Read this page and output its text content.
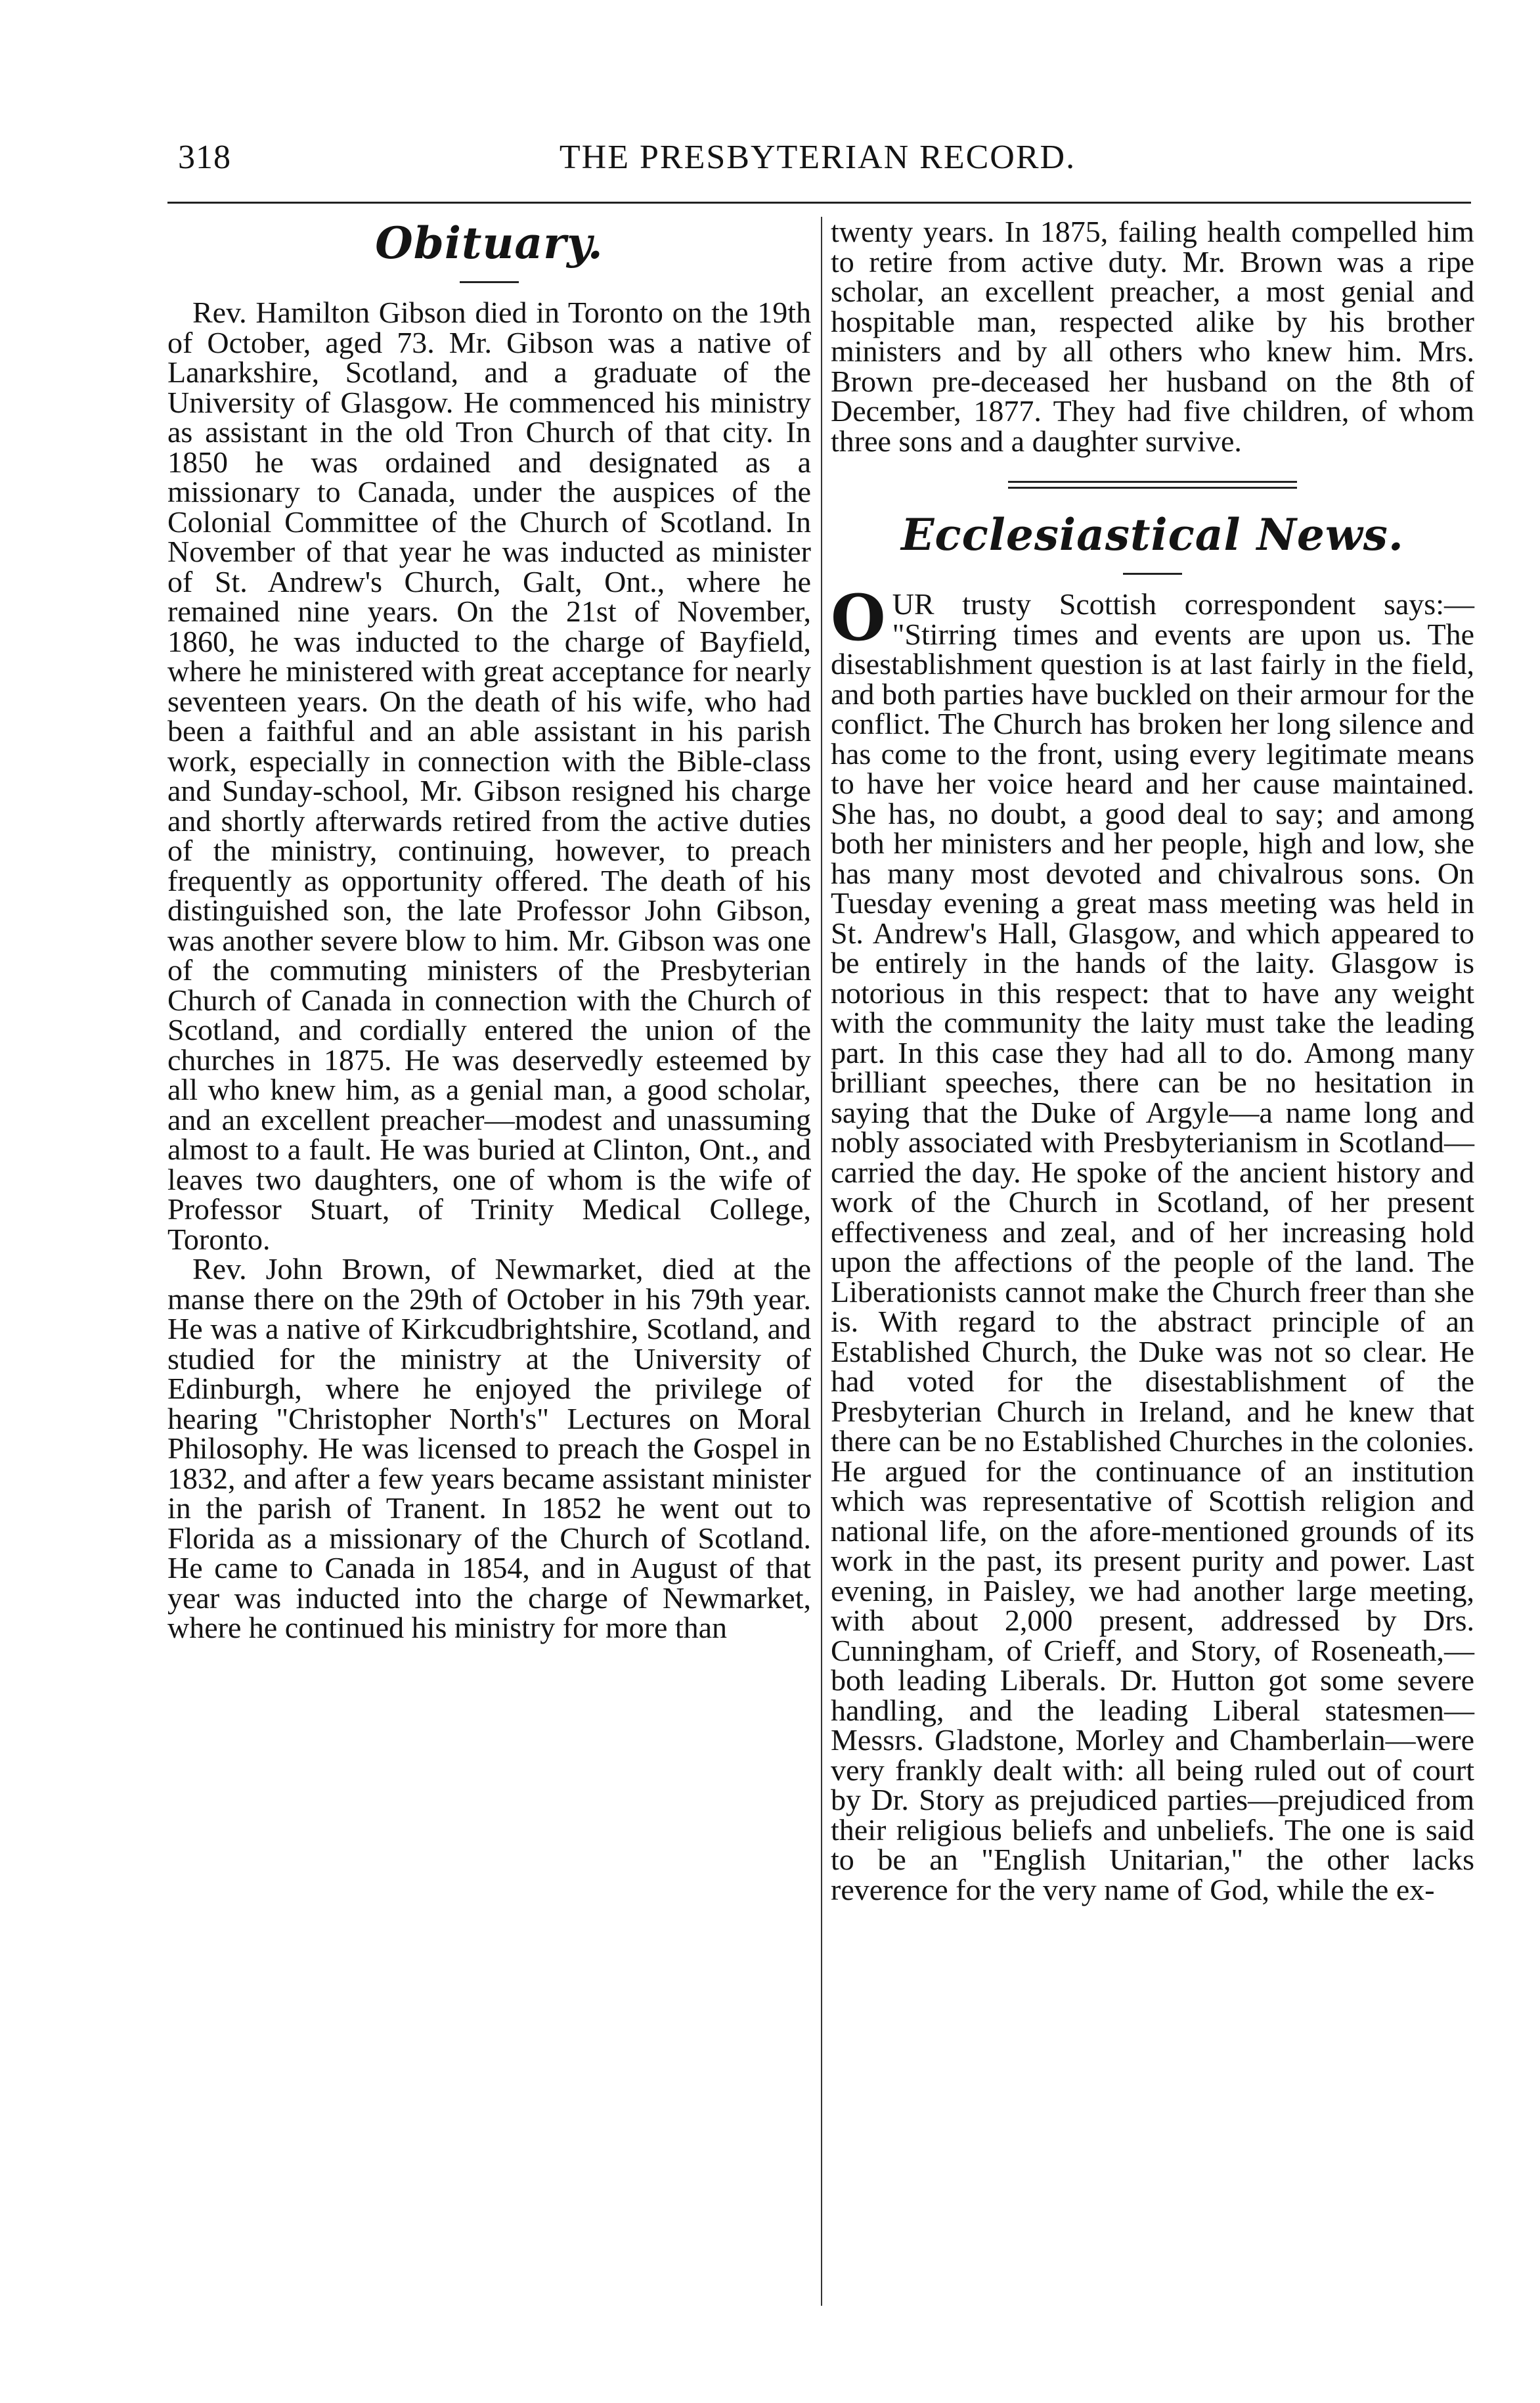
318	THE PRESBYTERIAN RECORD.
Obituary.

Rev. Hamilton Gibson died in Toronto on the 19th of October, aged 73. Mr. Gibson was a native of Lanarkshire, Scotland, and a graduate of the University of Glasgow. He commenced his ministry as assistant in the old Tron Church of that city. In 1850 he was ordained and designated as a missionary to Canada, under the auspices of the Colonial Committee of the Church of Scotland. In November of that year he was inducted as minister of St. Andrew's Church, Galt, Ont., where he remained nine years. On the 21st of November, 1860, he was inducted to the charge of Bayfield, where he ministered with great acceptance for nearly seventeen years. On the death of his wife, who had been a faithful and an able assistant in his parish work, especially in connection with the Bible-class and Sunday-school, Mr. Gibson resigned his charge and shortly afterwards retired from the active duties of the ministry, continuing, however, to preach frequently as opportunity offered. The death of his distinguished son, the late Professor John Gibson, was another severe blow to him. Mr. Gibson was one of the commuting ministers of the Presbyterian Church of Canada in connection with the Church of Scotland, and cordially entered the union of the churches in 1875. He was deservedly esteemed by all who knew him, as a genial man, a good scholar, and an excellent preacher—modest and unassuming almost to a fault. He was buried at Clinton, Ont., and leaves two daughters, one of whom is the wife of Professor Stuart, of Trinity Medical College, Toronto.

Rev. John Brown, of Newmarket, died at the manse there on the 29th of October in his 79th year. He was a native of Kirkcudbrightshire, Scotland, and studied for the ministry at the University of Edinburgh, where he enjoyed the privilege of hearing "Christopher North's" Lectures on Moral Philosophy. He was licensed to preach the Gospel in 1832, and after a few years became assistant minister in the parish of Tranent. In 1852 he went out to Florida as a missionary of the Church of Scotland. He came to Canada in 1854, and in August of that year was inducted into the charge of Newmarket, where he continued his ministry for more than

twenty years. In 1875, failing health compelled him to retire from active duty. Mr. Brown was a ripe scholar, an excellent preacher, a most genial and hospitable man, respected alike by his brother ministers and by all others who knew him. Mrs. Brown pre-deceased her husband on the 8th of December, 1877. They had five children, of whom three sons and a daughter survive.

Ecclesiastical News.

OUR trusty Scottish correspondent says:— "Stirring times and events are upon us. The disestablishment question is at last fairly in the field, and both parties have buckled on their armour for the conflict. The Church has broken her long silence and has come to the front, using every legitimate means to have her voice heard and her cause maintained. She has, no doubt, a good deal to say; and among both her ministers and her people, high and low, she has many most devoted and chivalrous sons. On Tuesday evening a great mass meeting was held in St. Andrew's Hall, Glasgow, and which appeared to be entirely in the hands of the laity. Glasgow is notorious in this respect: that to have any weight with the community the laity must take the leading part. In this case they had all to do. Among many brilliant speeches, there can be no hesitation in saying that the Duke of Argyle—a name long and nobly associated with Presbyterianism in Scotland—carried the day. He spoke of the ancient history and work of the Church in Scotland, of her present effectiveness and zeal, and of her increasing hold upon the affections of the people of the land. The Liberationists cannot make the Church freer than she is. With regard to the abstract principle of an Established Church, the Duke was not so clear. He had voted for the disestablishment of the Presbyterian Church in Ireland, and he knew that there can be no Established Churches in the colonies. He argued for the continuance of an institution which was representative of Scottish religion and national life, on the afore-mentioned grounds of its work in the past, its present purity and power. Last evening, in Paisley, we had another large meeting, with about 2,000 present, addressed by Drs. Cunningham, of Crieff, and Story, of Roseneath,—both leading Liberals. Dr. Hutton got some severe handling, and the leading Liberal statesmen—Messrs. Gladstone, Morley and Chamberlain—were very frankly dealt with: all being ruled out of court by Dr. Story as prejudiced parties—prejudiced from their religious beliefs and unbeliefs. The one is said to be an "English Unitarian," the other lacks reverence for the very name of God, while the ex-
